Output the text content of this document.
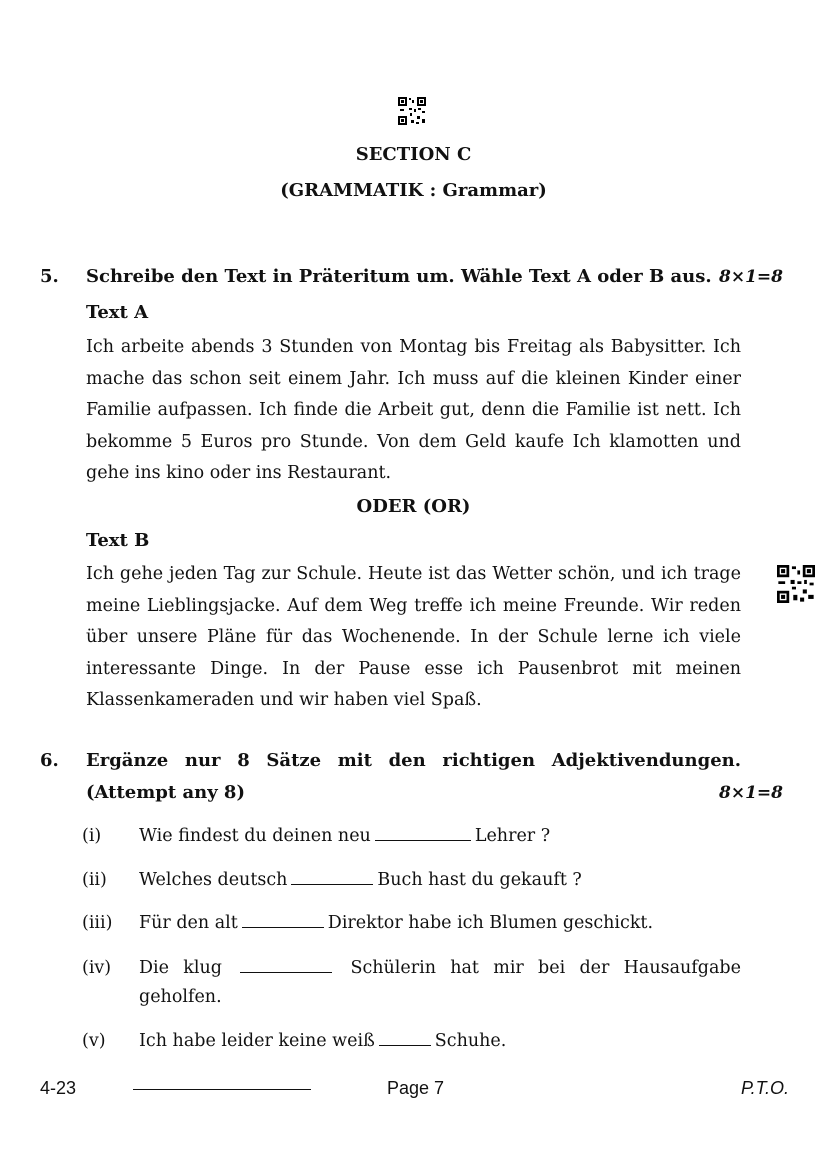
SECTION C
(GRAMMATIK : Grammar)
5. Schreibe den Text in Präteritum um. Wähle Text A oder B aus. 8×1=8
Text A
Ich arbeite abends 3 Stunden von Montag bis Freitag als Babysitter. Ich mache das schon seit einem Jahr. Ich muss auf die kleinen Kinder einer Familie aufpassen. Ich finde die Arbeit gut, denn die Familie ist nett. Ich bekomme 5 Euros pro Stunde. Von dem Geld kaufe Ich klamotten und gehe ins kino oder ins Restaurant.
ODER (OR)
Text B
Ich gehe jeden Tag zur Schule. Heute ist das Wetter schön, und ich trage meine Lieblingsjacke. Auf dem Weg treffe ich meine Freunde. Wir reden über unsere Pläne für das Wochenende. In der Schule lerne ich viele interessante Dinge. In der Pause esse ich Pausenbrot mit meinen Klassenkameraden und wir haben viel Spaß.
6. Ergänze nur 8 Sätze mit den richtigen Adjektivendungen.
(Attempt any 8)	8×1=8
(i) Wie findest du deinen neu	Lehrer ?
(ii) Welches deutsch	Buch hast du gekauft ?
(iii) Für den alt	Direktor habe ich Blumen geschickt.
(iv) Die klug	Schülerin hat mir bei der Hausaufgabe geholfen.
(v) Ich habe leider keine weiß	Schuhe.
4-23	Page 7	P.T.O.
